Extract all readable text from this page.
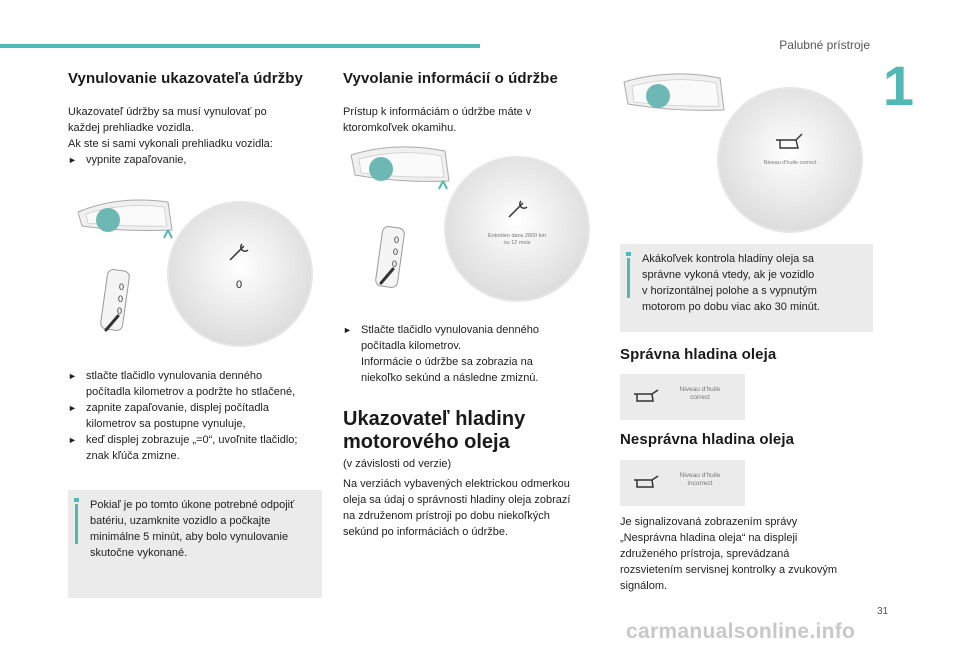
Palubné prístroje
1
Vynulovanie ukazovateľa údržby
Ukazovateľ údržby sa musí vynulovať po
každej prehliadke vozidla.
Ak ste si sami vykonali prehliadku vozidla:
► vypnite zapaľovanie,
0
0
0
0
► stlačte tlačidlo vynulovania denného
počítadla kilometrov a podržte ho stlačené,
► zapnite zapaľovanie, displej počítadla
kilometrov sa postupne vynuluje,
► keď displej zobrazuje „=0“, uvoľnite tlačidlo;
znak kľúča zmizne.
Pokiaľ je po tomto úkone potrebné odpojiť
batériu, uzamknite vozidlo a počkajte
minimálne 5 minút, aby bolo vynulovanie
skutočne vykonané.
Vyvolanie informácií o údržbe
Prístup k informáciám o údržbe máte v
ktoromkoľvek okamihu.
0
0
0
Entretien dans 2800 km
ou 12 mois
► Stlačte tlačidlo vynulovania denného
počítadla kilometrov.
Informácie o údržbe sa zobrazia na
niekoľko sekúnd a následne zmiznú.
Ukazovateľ hladiny
motorového oleja
(v závislosti od verzie)
Na verziách vybavených elektrickou odmerkou
oleja sa údaj o správnosti hladiny oleja zobrazí
na združenom prístroji po dobu niekoľkých
sekúnd po informáciách o údržbe.
Niveau d'huile correct
Akákoľvek kontrola hladiny oleja sa
správne vykoná vtedy, ak je vozidlo
v horizontálnej polohe a s vypnutým
motorom po dobu viac ako 30 minút.
Správna hladina oleja
Niveau d'huile
correct
Nesprávna hladina oleja
Niveau d'huile
incorrect
Je signalizovaná zobrazením správy
„Nesprávna hladina oleja“ na displeji
združeného prístroja, sprevádzaná
rozsvietením servisnej kontrolky a zvukovým
signálom.
31
carmanualsonline.info
